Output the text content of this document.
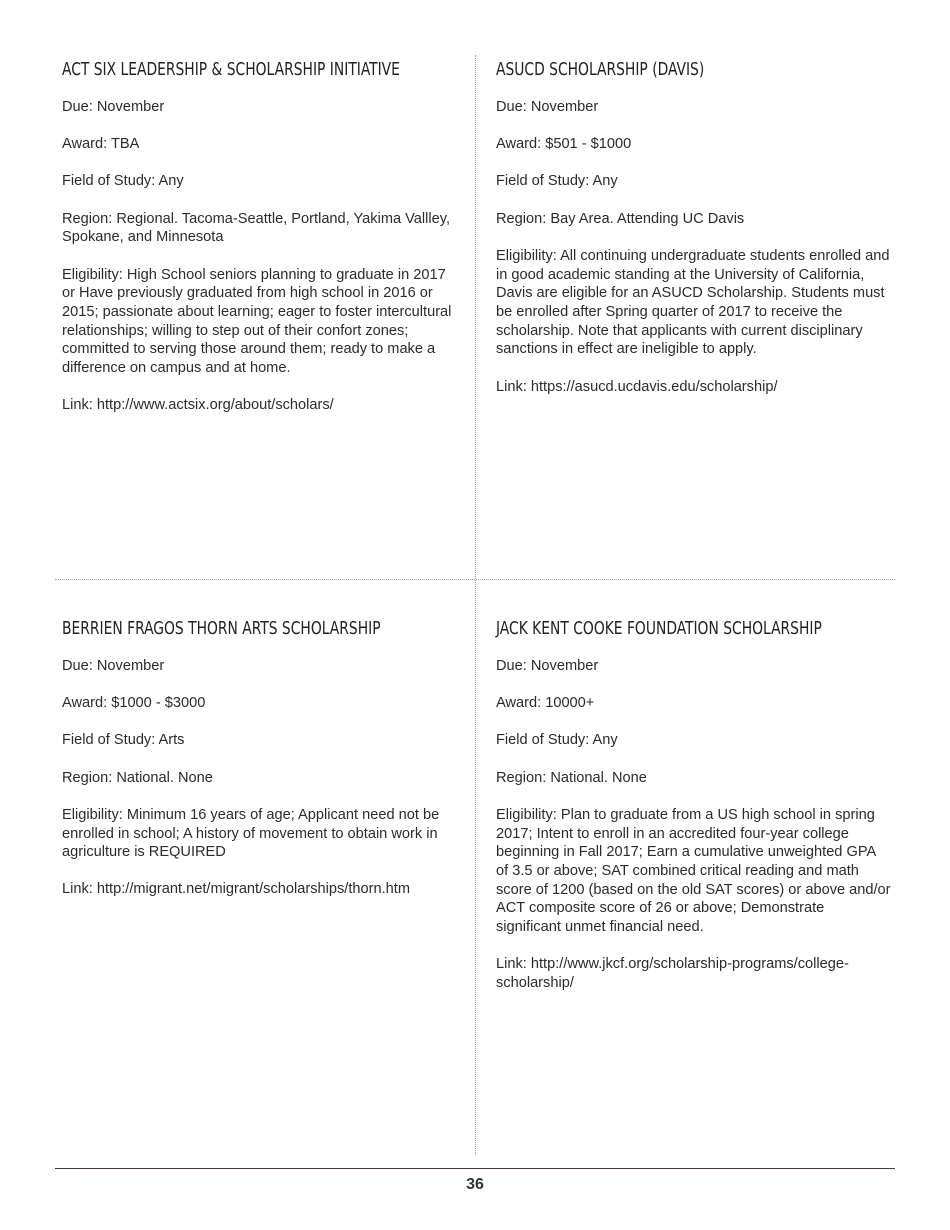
ACT SIX LEADERSHIP & SCHOLARSHIP INITIATIVE

Due: November

Award: TBA

Field of Study: Any

Region: Regional. Tacoma-Seattle, Portland, Yakima Vallley, Spokane, and Minnesota

Eligibility: High School seniors planning to graduate in 2017 or Have previously graduated from high school in 2016 or 2015; passionate about learning; eager to foster intercultural relationships; willing to step out of their confort zones; committed to serving those around them; ready to make a difference on campus and at home.

Link: http://www.actsix.org/about/scholars/

ASUCD SCHOLARSHIP (DAVIS)

Due: November

Award: $501 - $1000

Field of Study: Any

Region: Bay Area. Attending UC Davis

Eligibility: All continuing undergraduate students enrolled and in good academic standing at the University of California, Davis are eligible for an ASUCD Scholarship. Students must be enrolled after Spring quarter of 2017 to receive the scholarship. Note that applicants with current disciplinary sanctions in effect are ineligible to apply.

Link: https://asucd.ucdavis.edu/scholarship/

BERRIEN FRAGOS THORN ARTS SCHOLARSHIP

Due: November

Award: $1000 - $3000

Field of Study: Arts

Region: National. None

Eligibility: Minimum 16 years of age; Applicant need not be enrolled in school; A history of movement to obtain work in agriculture is REQUIRED

Link: http://migrant.net/migrant/scholarships/thorn.htm

JACK KENT COOKE FOUNDATION SCHOLARSHIP

Due: November

Award: 10000+

Field of Study: Any

Region: National. None

Eligibility: Plan to graduate from a US high school in spring 2017; Intent to enroll in an accredited four-year college beginning in Fall 2017; Earn a cumulative unweighted GPA of 3.5 or above; SAT combined critical reading and math score of 1200 (based on the old SAT scores) or above and/or ACT composite score of 26 or above; Demonstrate significant unmet financial need.

Link: http://www.jkcf.org/scholarship-programs/college-scholarship/

36
